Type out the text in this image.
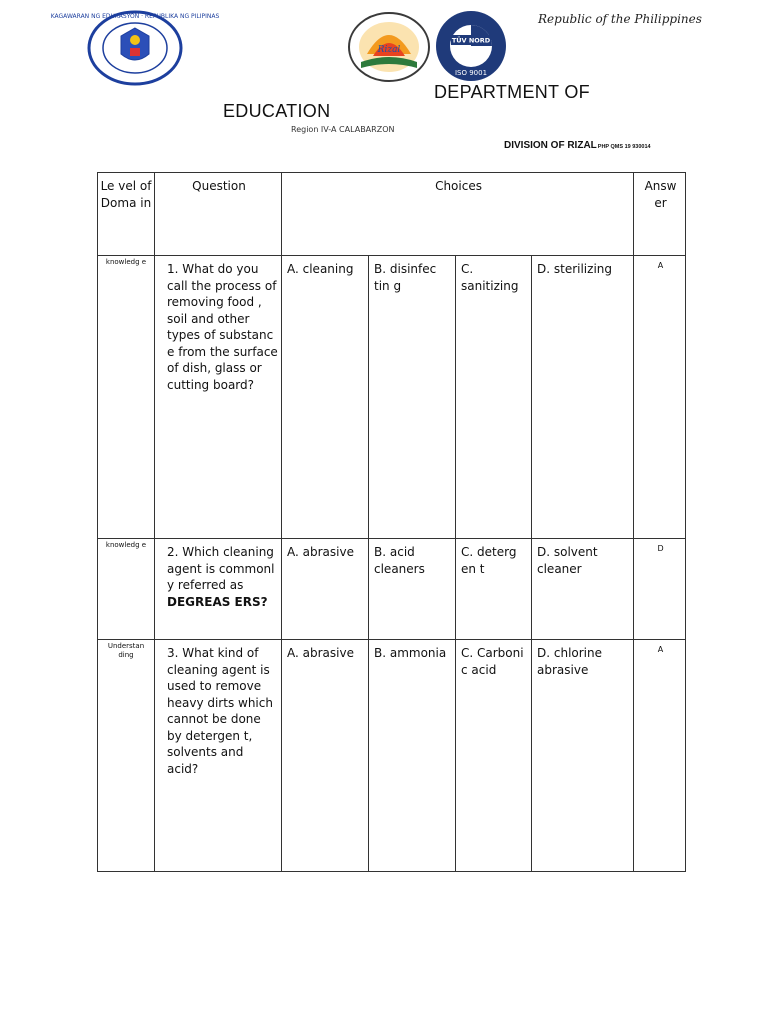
KAGAWARAN NG EDUKASYON · REPUBLIKA NG PILIPINAS
Rizal
TÜV NORD
ISO 9001
Republic of the Philippines
DEPARTMENT OF
EDUCATION
Region IV-A CALABARZON
DIVISION OF RIZALPHP QMS 19 930014
Le vel of Doma in	Question	Choices				Answ er
knowledg e	1. What do you call the process of removing food , soil and other types of substanc e from the surface of dish, glass or cutting board?	A. cleaning	B. disinfec tin g	C. sanitizing	D. sterilizing	A
knowledg e	2. Which cleaning agent is commonl y referred as
DEGREAS ERS?	A. abrasive	B. acid cleaners	C. deterg en t	D. solvent cleaner	D
Understan ding	3. What kind of cleaning agent is used to remove heavy dirts which cannot be done by detergen t, solvents and acid?	A. abrasive	B. ammonia	C. Carboni c acid	D. chlorine abrasive	A
